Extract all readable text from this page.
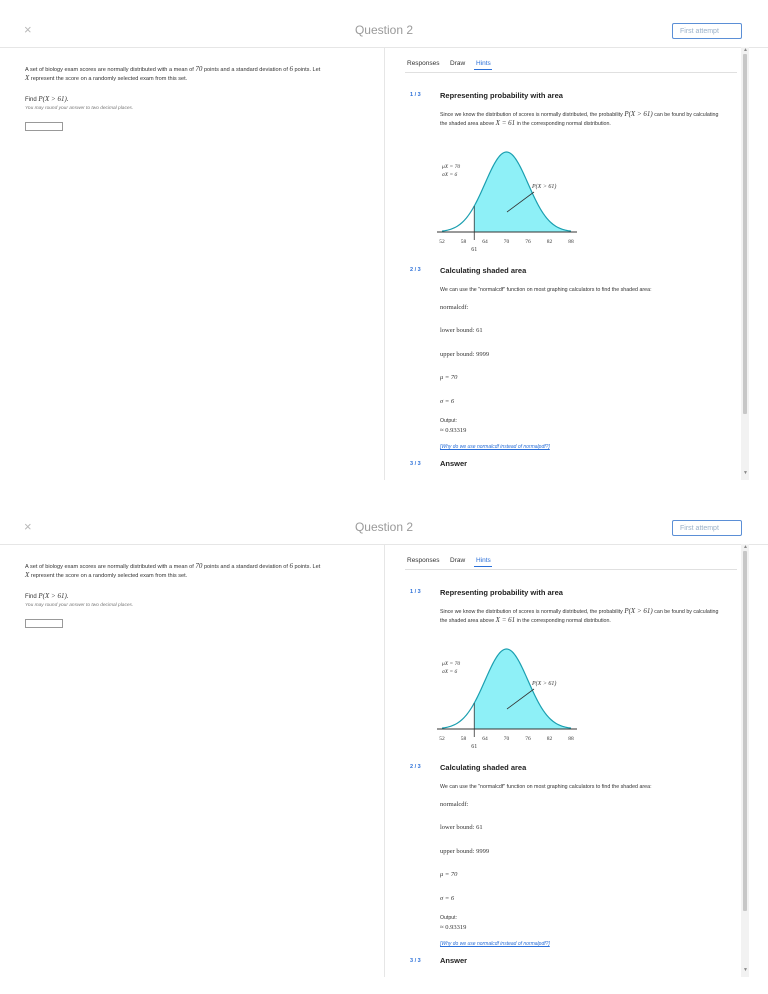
×	Question 2	First attempt
A set of biology exam scores are normally distributed with a mean of 70 points and a standard deviation of 6 points. Let
X represent the score on a randomly selected exam from this set.
Find P(X > 61).
You may round your answer to two decimal places.
Responses Draw Hints
1 / 3	Representing probability with area
Since we know the distribution of scores is normally distributed, the probability P(X > 61) can be found by calculating the shaded area above X = 61 in the corresponding normal distribution.
52	58	64	70	76	82	88
61
μX = 70
σX = 6
P(X > 61)
2 / 3	Calculating shaded area
We can use the "normalcdf" function on most graphing calculators to find the shaded area:
normalcdf:
lower bound: 61
upper bound: 9999
μ = 70
σ = 6
Output:
≈ 0.93319
[Why do we use normalcdf instead of normalpdf?]
3 / 3	Answer
▲
▼
×	Question 2	First attempt
A set of biology exam scores are normally distributed with a mean of 70 points and a standard deviation of 6 points. Let
X represent the score on a randomly selected exam from this set.
Find P(X > 61).
You may round your answer to two decimal places.
Responses Draw Hints
1 / 3	Representing probability with area
Since we know the distribution of scores is normally distributed, the probability P(X > 61) can be found by calculating the shaded area above X = 61 in the corresponding normal distribution.
52	58	64	70	76	82	88
61
μX = 70
σX = 6
P(X > 61)
2 / 3	Calculating shaded area
We can use the "normalcdf" function on most graphing calculators to find the shaded area:
normalcdf:
lower bound: 61
upper bound: 9999
μ = 70
σ = 6
Output:
≈ 0.93319
[Why do we use normalcdf instead of normalpdf?]
3 / 3	Answer
▲
▼
